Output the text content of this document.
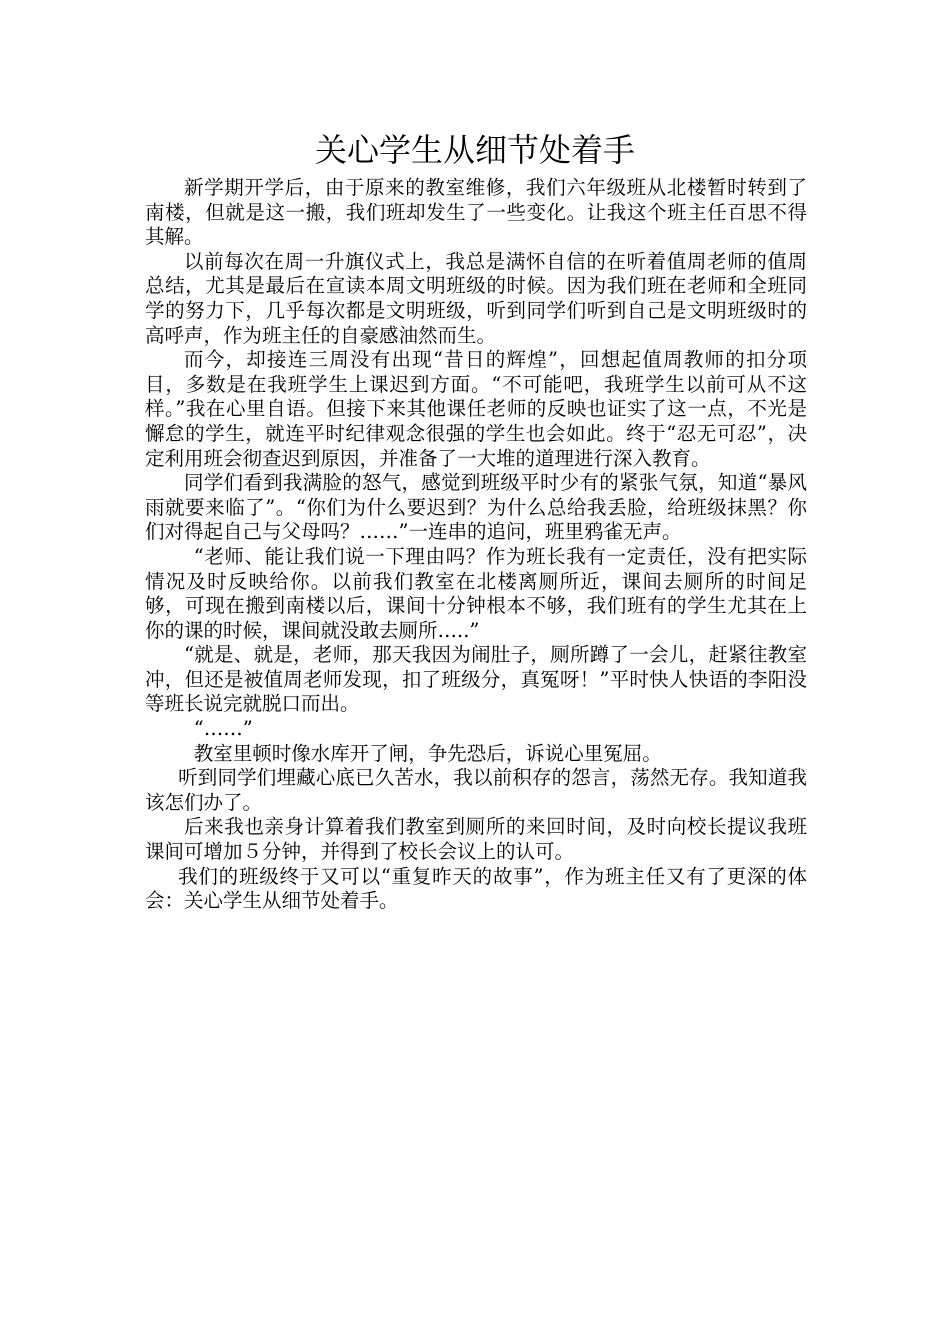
关心学生从细节处着手

新学期开学后，由于原来的教室维修，我们六年级班从北楼暂时转到了南楼，但就是这一搬，我们班却发生了一些变化。让我这个班主任百思不得其解。

以前每次在周一升旗仪式上，我总是满怀自信的在听着值周老师的值周总结，尤其是最后在宣读本周文明班级的时候。因为我们班在老师和全班同学的努力下，几乎每次都是文明班级，听到同学们听到自己是文明班级时的高呼声，作为班主任的自豪感油然而生。

而今，却接连三周没有出现“昔日的辉煌”，回想起值周教师的扣分项目，多数是在我班学生上课迟到方面。“不可能吧，我班学生以前可从不这样。”我在心里自语。但接下来其他课任老师的反映也证实了这一点，不光是懈怠的学生，就连平时纪律观念很强的学生也会如此。终于“忍无可忍”，决定利用班会彻查迟到原因，并准备了一大堆的道理进行深入教育。

同学们看到我满脸的怒气，感觉到班级平时少有的紧张气氛，知道“暴风雨就要来临了”。“你们为什么要迟到？为什么总给我丢脸，给班级抹黑？你们对得起自己与父母吗？……”一连串的追问，班里鸦雀无声。

“老师、能让我们说一下理由吗？作为班长我有一定责任，没有把实际情况及时反映给你。以前我们教室在北楼离厕所近，课间去厕所的时间足够，可现在搬到南楼以后，课间十分钟根本不够，我们班有的学生尤其在上你的课的时候，课间就没敢去厕所…..”

“就是、就是，老师，那天我因为闹肚子，厕所蹲了一会儿，赶紧往教室冲，但还是被值周老师发现，扣了班级分，真冤呀！”平时快人快语的李阳没等班长说完就脱口而出。

“……”

教室里顿时像水库开了闸，争先恐后，诉说心里冤屈。

听到同学们埋藏心底已久苦水，我以前积存的怨言，荡然无存。我知道我该怎们办了。

后来我也亲身计算着我们教室到厕所的来回时间，及时向校长提议我班课间可增加５分钟，并得到了校长会议上的认可。

我们的班级终于又可以“重复昨天的故事”，作为班主任又有了更深的体会：关心学生从细节处着手。
